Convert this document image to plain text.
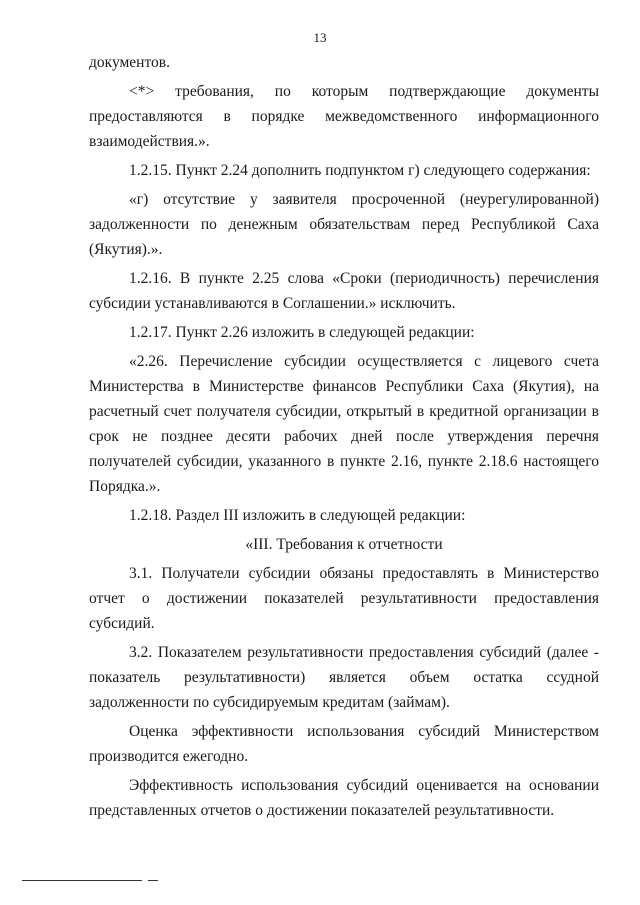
13

документов.

<*> требования, по которым подтверждающие документы предоставляются в порядке межведомственного информационного взаимодействия.».

1.2.15. Пункт 2.24 дополнить подпунктом г) следующего содержания:

«г) отсутствие у заявителя просроченной (неурегулированной) задолженности по денежным обязательствам перед Республикой Саха (Якутия).».

1.2.16. В пункте 2.25 слова «Сроки (периодичность) перечисления субсидии устанавливаются в Соглашении.» исключить.

1.2.17. Пункт 2.26 изложить в следующей редакции:

«2.26. Перечисление субсидии осуществляется с лицевого счета Министерства в Министерстве финансов Республики Саха (Якутия), на расчетный счет получателя субсидии, открытый в кредитной организации в срок не позднее десяти рабочих дней после утверждения перечня получателей субсидии, указанного в пункте 2.16, пункте 2.18.6 настоящего Порядка.».

1.2.18. Раздел III изложить в следующей редакции:

«III. Требования к отчетности

3.1. Получатели субсидии обязаны предоставлять в Министерство отчет о достижении показателей результативности предоставления субсидий.

3.2. Показателем результативности предоставления субсидий (далее - показатель результативности) является объем остатка ссудной задолженности по субсидируемым кредитам (займам).

Оценка эффективности использования субсидий Министерством производится ежегодно.

Эффективность использования субсидий оценивается на основании представленных отчетов о достижении показателей результативности.
